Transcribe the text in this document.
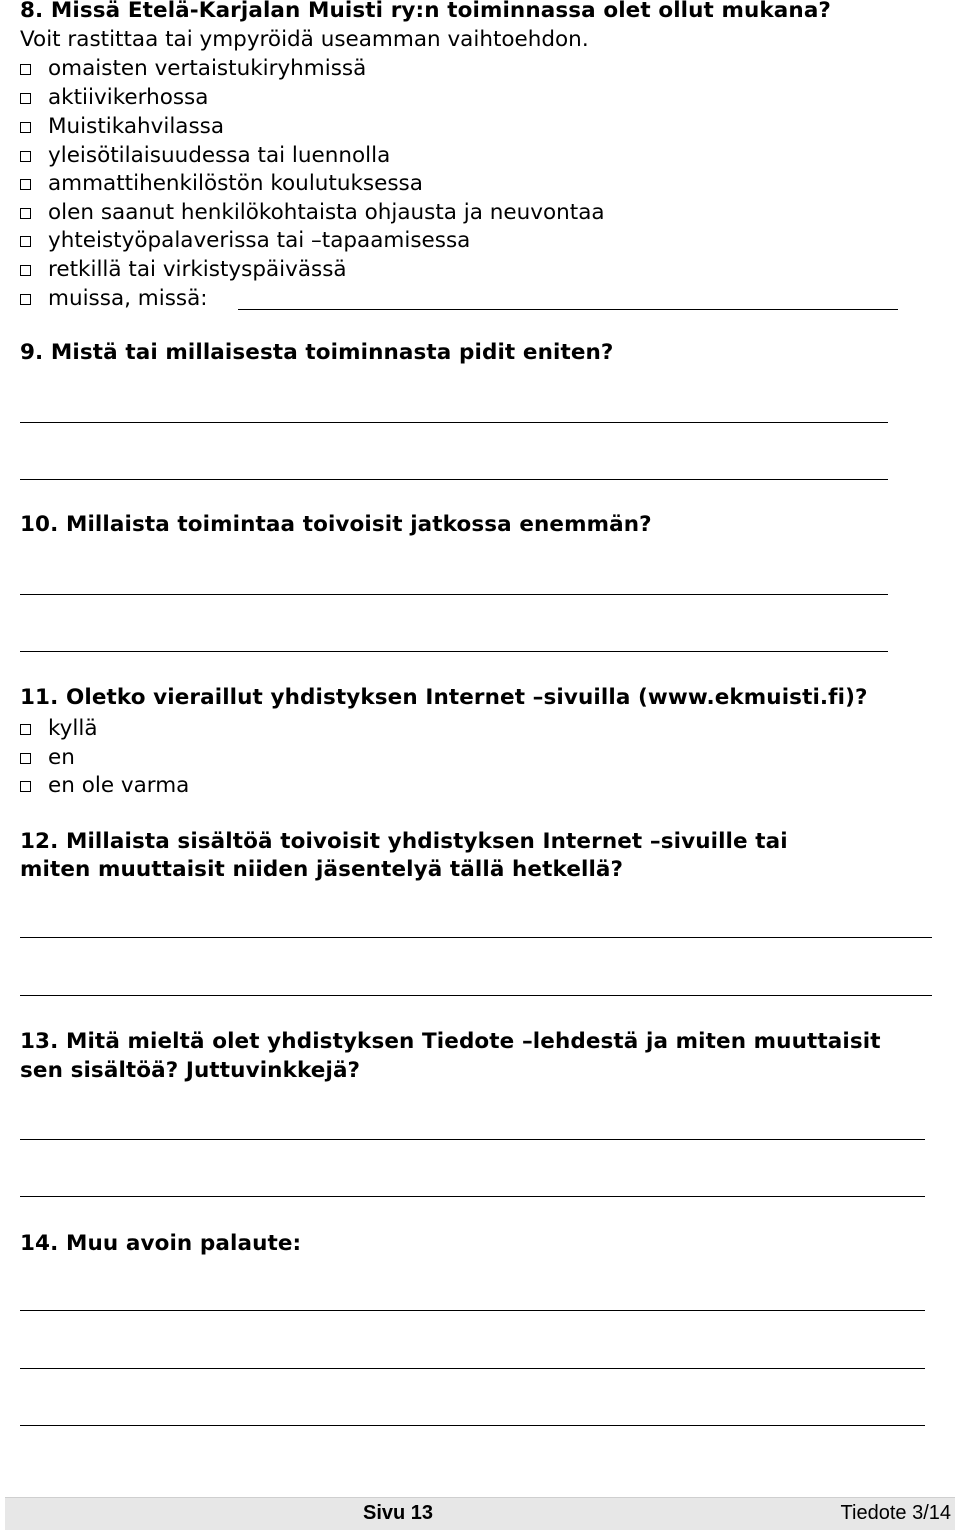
8. Missä Etelä-Karjalan Muisti ry:n toiminnassa olet ollut mukana?
Voit rastittaa tai ympyröidä useamman vaihtoehdon.
omaisten vertaistukiryhmissä
aktiivikerhossa
Muistikahvilassa
yleisötilaisuudessa tai luennolla
ammattihenkilöstön koulutuksessa
olen saanut henkilökohtaista ohjausta ja neuvontaa
yhteistyöpalaverissa tai –tapaamisessa
retkillä tai virkistyspäivässä
muissa, missä:
9. Mistä tai millaisesta toiminnasta pidit eniten?
10. Millaista toimintaa toivoisit jatkossa enemmän?
11. Oletko vieraillut yhdistyksen Internet –sivuilla (www.ekmuisti.fi)?
kyllä
en
en ole varma
12. Millaista sisältöä toivoisit yhdistyksen Internet –sivuille tai
miten muuttaisit niiden jäsentelyä tällä hetkellä?
13. Mitä mieltä olet yhdistyksen Tiedote –lehdestä ja miten muuttaisit
sen sisältöä? Juttuvinkkejä?
14. Muu avoin palaute:
Sivu 13	Tiedote 3/14
